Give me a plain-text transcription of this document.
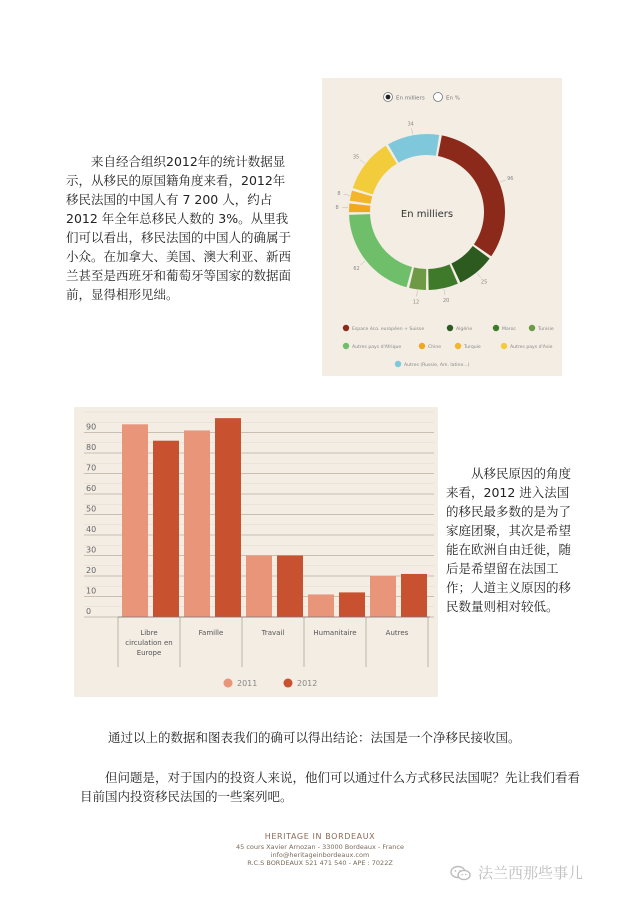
来自经合组织2012年的统计数据显示，从移民的原国籍角度来看，2012年移民法国的中国人有 7 200 人，约占 2012 年全年总移民人数的 3%。从里我们可以看出，移民法国的中国人的确属于小众。在加拿大、美国、澳大利亚、新西兰甚至是西班牙和葡萄牙等国家的数据面前，显得相形见绌。

从移民原因的角度来看，2012 进入法国的移民最多数的是为了家庭团聚，其次是希望能在欧洲自由迁徙，随后是希望留在法国工作；人道主义原因的移民数量则相对较低。

通过以上的数据和图表我们的确可以得出结论：法国是一个净移民接收国。

但问题是，对于国内的投资人来说，他们可以通过什么方式移民法国呢？先让我们看看目前国内投资移民法国的一些案列吧。

En milliers	En %
96
25
20
12
62
8
8
35
34
En milliers
Espace éco. européen + Suisse	Algérie	Maroc	Tunisie
Autres pays d'Afrique	Chine	Turquie	Autres pays d'Asie
Autres (Russie, Am. latine...)
0
10
20
30
40
50
60
70
80
90
Libre
circulation en
Europe
Famille	Travail	Humanitaire	Autres
2011	2012
HERITAGE IN BORDEAUX
45 cours Xavier Arnozan - 33000 Bordeaux - France
info@heritageinbordeaux.com
R.C.S BORDEAUX 521 471 540 - APE : 7022Z
法兰西那些事儿
